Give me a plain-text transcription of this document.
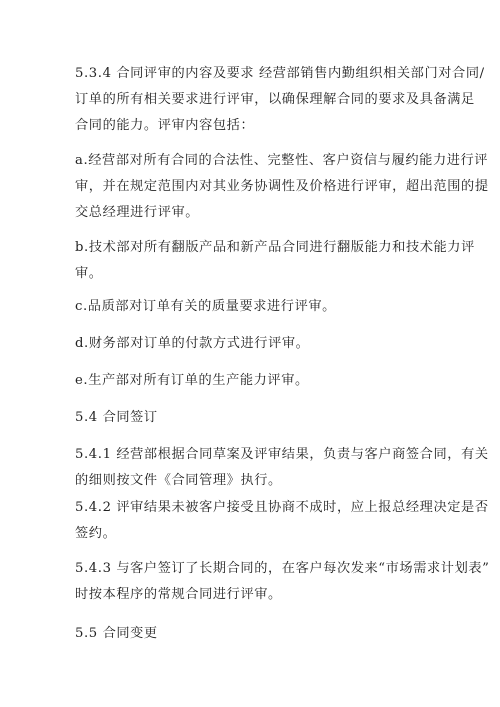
5.3.4 合同评审的内容及要求 经营部销售内勤组织相关部门对合同/
订单的所有相关要求进行评审，以确保理解合同的要求及具备满足
合同的能力。评审内容包括：

a.经营部对所有合同的合法性、完整性、客户资信与履约能力进行评
审，并在规定范围内对其业务协调性及价格进行评审，超出范围的提
交总经理进行评审。

b.技术部对所有翻版产品和新产品合同进行翻版能力和技术能力评
审。

c.品质部对订单有关的质量要求进行评审。

d.财务部对订单的付款方式进行评审。

e.生产部对所有订单的生产能力评审。

5.4 合同签订

5.4.1 经营部根据合同草案及评审结果，负责与客户商签合同，有关
的细则按文件《合同管理》执行。

5.4.2 评审结果未被客户接受且协商不成时，应上报总经理决定是否
签约。

5.4.3 与客户签订了长期合同的，在客户每次发来“市场需求计划表”
时按本程序的常规合同进行评审。

5.5 合同变更
